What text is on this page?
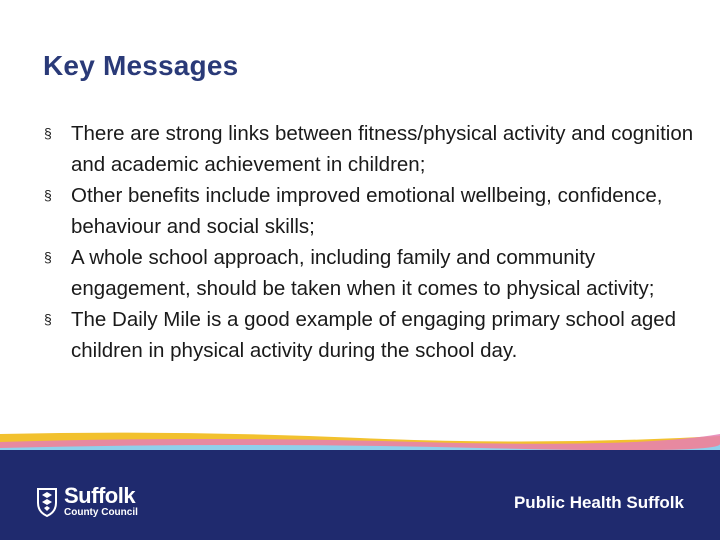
Key Messages
§ There are strong links between fitness/physical activity and cognition and academic achievement in children;
§ Other benefits include improved emotional wellbeing, confidence, behaviour and social skills;
§ A whole school approach, including family and community engagement, should be taken when it comes to physical activity;
§ The Daily Mile is a good example of engaging primary school aged children in physical activity during the school day.
Suffolk
County Council
Public Health Suffolk
